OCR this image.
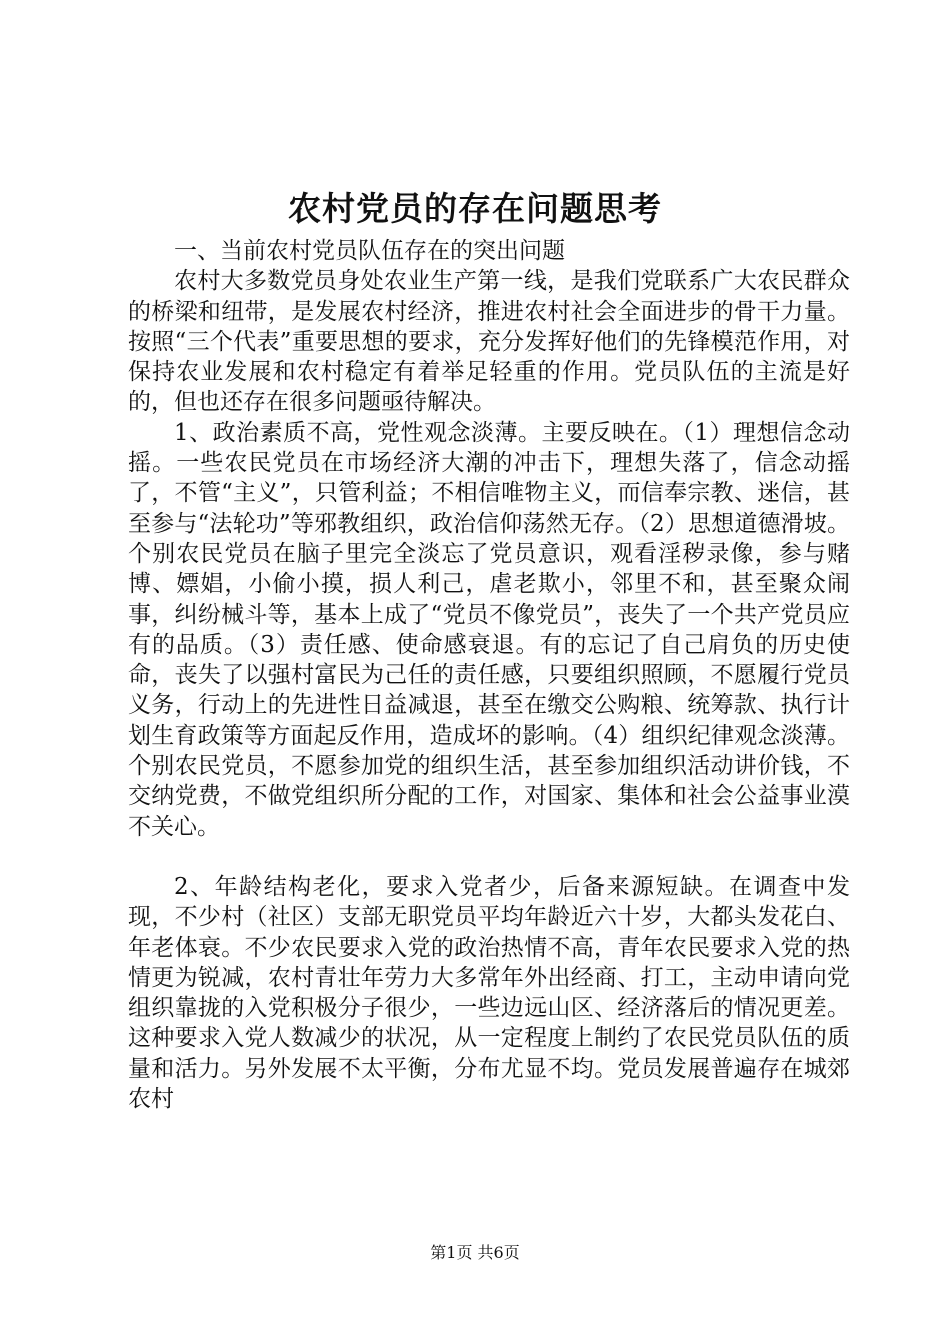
农村党员的存在问题思考

一、当前农村党员队伍存在的突出问题

农村大多数党员身处农业生产第一线，是我们党联系广大农民群众的桥梁和纽带，是发展农村经济，推进农村社会全面进步的骨干力量。按照“三个代表”重要思想的要求，充分发挥好他们的先锋模范作用，对保持农业发展和农村稳定有着举足轻重的作用。党员队伍的主流是好的，但也还存在很多问题亟待解决。

1、政治素质不高，党性观念淡薄。主要反映在。（1）理想信念动摇。一些农民党员在市场经济大潮的冲击下，理想失落了，信念动摇了，不管“主义”，只管利益；不相信唯物主义，而信奉宗教、迷信，甚至参与“法轮功”等邪教组织，政治信仰荡然无存。（2）思想道德滑坡。个别农民党员在脑子里完全淡忘了党员意识，观看淫秽录像，参与赌博、嫖娼，小偷小摸，损人利己，虐老欺小，邻里不和，甚至聚众闹事，纠纷械斗等，基本上成了“党员不像党员”，丧失了一个共产党员应有的品质。（3）责任感、使命感衰退。有的忘记了自己肩负的历史使命，丧失了以强村富民为己任的责任感，只要组织照顾，不愿履行党员义务，行动上的先进性日益减退，甚至在缴交公购粮、统筹款、执行计划生育政策等方面起反作用，造成坏的影响。（4）组织纪律观念淡薄。个别农民党员，不愿参加党的组织生活，甚至参加组织活动讲价钱，不交纳党费，不做党组织所分配的工作，对国家、集体和社会公益事业漠不关心。

2、年龄结构老化，要求入党者少，后备来源短缺。在调查中发现，不少村（社区）支部无职党员平均年龄近六十岁，大都头发花白、年老体衰。不少农民要求入党的政治热情不高，青年农民要求入党的热情更为锐减，农村青壮年劳力大多常年外出经商、打工，主动申请向党组织靠拢的入党积极分子很少，一些边远山区、经济落后的情况更差。这种要求入党人数减少的状况，从一定程度上制约了农民党员队伍的质量和活力。另外发展不太平衡，分布尤显不均。党员发展普遍存在城郊农村

第1页 共6页
